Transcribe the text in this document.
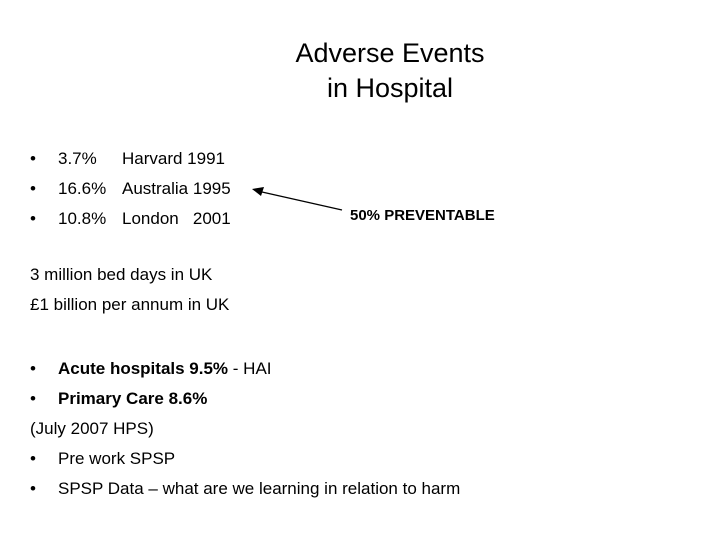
Adverse Events
in Hospital
• 3.7% Harvard 1991
• 16.6% Australia 1995
• 10.8% London   2001	50% PREVENTABLE
3 million bed days in UK
£1 billion per annum in UK
• Acute hospitals 9.5% - HAI
• Primary Care 8.6%
(July 2007 HPS)
• Pre work SPSP
• SPSP Data – what are we learning in relation to harm
